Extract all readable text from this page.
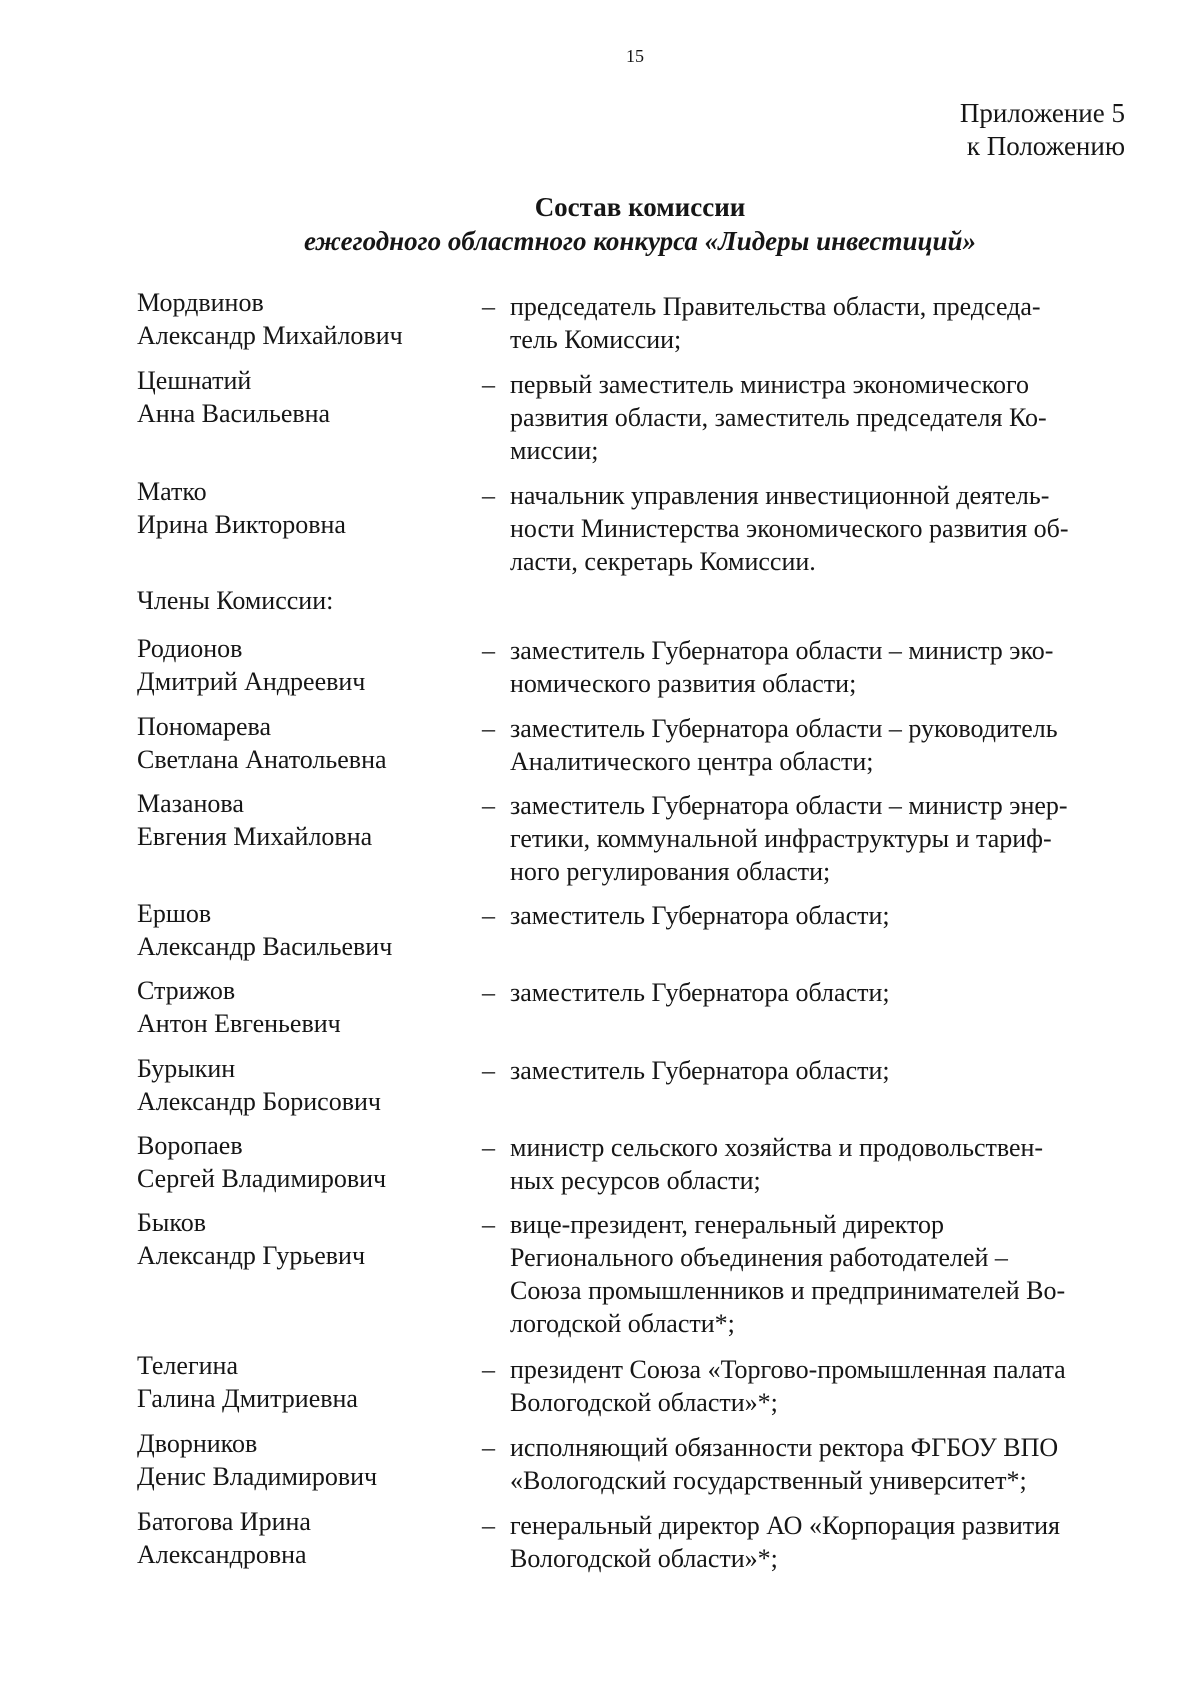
15
Приложение 5
к Положению
Состав комиссии
ежегодного областного конкурса «Лидеры инвестиций»
Мордвинов
Александр Михайлович
– председатель Правительства области, председа-
тель Комиссии;
Цешнатий
Анна Васильевна
– первый заместитель министра экономического
развития области, заместитель председателя Ко-
миссии;
Матко
Ирина Викторовна
– начальник управления инвестиционной деятель-
ности Министерства экономического развития об-
ласти, секретарь Комиссии.
Члены Комиссии:
Родионов
Дмитрий Андреевич
– заместитель Губернатора области – министр эко-
номического развития области;
Пономарева
Светлана Анатольевна
– заместитель Губернатора области – руководитель
Аналитического центра области;
Мазанова
Евгения Михайловна
– заместитель Губернатора области – министр энер-
гетики, коммунальной инфраструктуры и тариф-
ного регулирования области;
Ершов
Александр Васильевич
– заместитель Губернатора области;
Стрижов
Антон Евгеньевич
– заместитель Губернатора области;
Бурыкин
Александр Борисович
– заместитель Губернатора области;
Воропаев
Сергей Владимирович
– министр сельского хозяйства и продовольствен-
ных ресурсов области;
Быков
Александр Гурьевич
– вице-президент, генеральный директор
Регионального объединения работодателей –
Союза промышленников и предпринимателей Во-
логодской области*;
Телегина
Галина Дмитриевна
– президент Союза «Торгово-промышленная палата
Вологодской области»*;
Дворников
Денис Владимирович
– исполняющий обязанности ректора ФГБОУ ВПО
«Вологодский государственный университет*;
Батогова Ирина
Александровна
– генеральный директор АО «Корпорация развития
Вологодской области»*;
